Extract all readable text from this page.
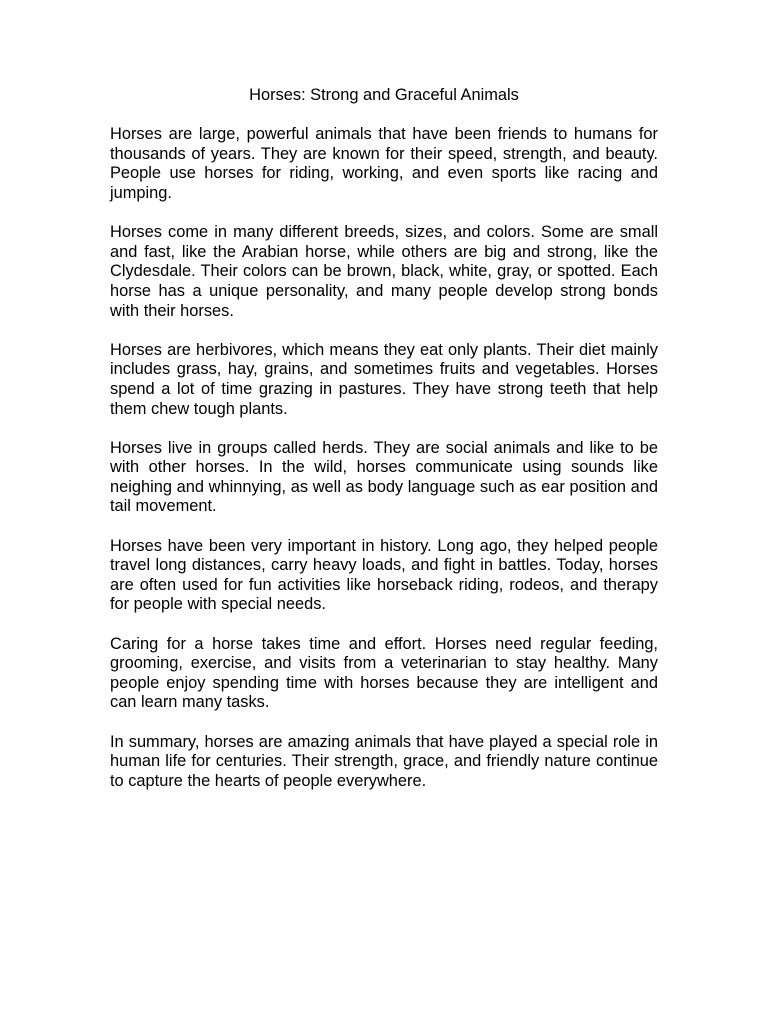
Horses: Strong and Graceful Animals

Horses are large, powerful animals that have been friends to humans for thousands of years. They are known for their speed, strength, and beauty. People use horses for riding, working, and even sports like racing and jumping.

Horses come in many different breeds, sizes, and colors. Some are small and fast, like the Arabian horse, while others are big and strong, like the Clydesdale. Their colors can be brown, black, white, gray, or spotted. Each horse has a unique personality, and many people develop strong bonds with their horses.

Horses are herbivores, which means they eat only plants. Their diet mainly includes grass, hay, grains, and sometimes fruits and vegetables. Horses spend a lot of time grazing in pastures. They have strong teeth that help them chew tough plants.

Horses live in groups called herds. They are social animals and like to be with other horses. In the wild, horses communicate using sounds like neighing and whinnying, as well as body language such as ear position and tail movement.

Horses have been very important in history. Long ago, they helped people travel long distances, carry heavy loads, and fight in battles. Today, horses are often used for fun activities like horseback riding, rodeos, and therapy for people with special needs.

Caring for a horse takes time and effort. Horses need regular feeding, grooming, exercise, and visits from a veterinarian to stay healthy. Many people enjoy spending time with horses because they are intelligent and can learn many tasks.

In summary, horses are amazing animals that have played a special role in human life for centuries. Their strength, grace, and friendly nature continue to capture the hearts of people everywhere.
